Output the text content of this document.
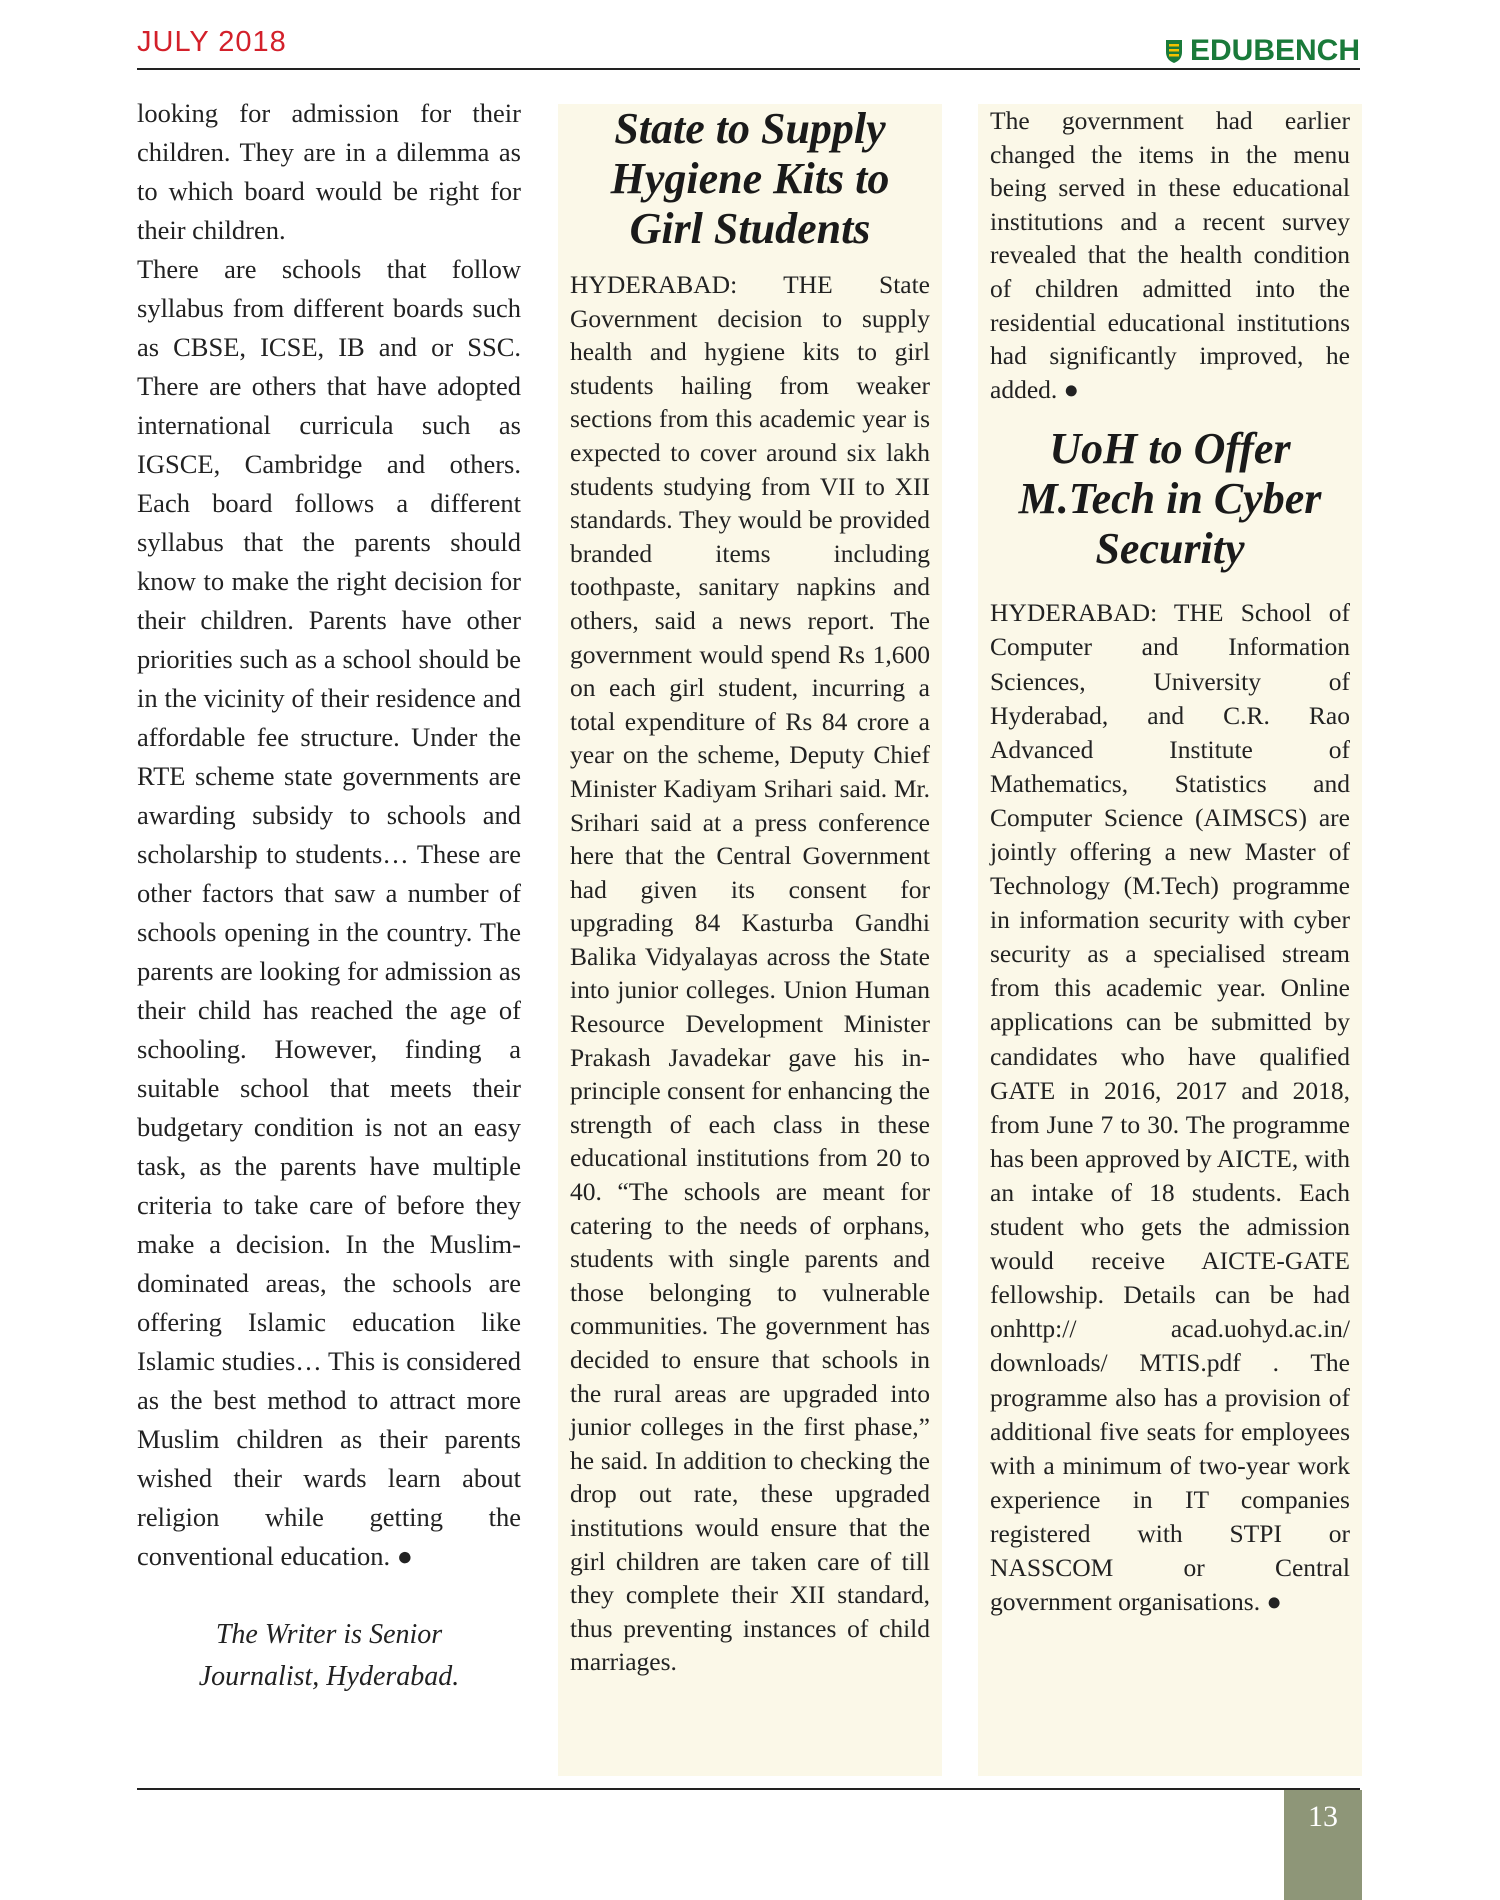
JULY 2018	EDUBENCH

looking for admission for their children. They are in a dilemma as to which board would be right for their children.

There are schools that follow syllabus from different boards such as CBSE, ICSE, IB and or SSC. There are others that have adopted international curricula such as IGSCE, Cambridge and others. Each board follows a different syllabus that the parents should know to make the right decision for their children. Parents have other priorities such as a school should be in the vicinity of their residence and affordable fee structure. Under the RTE scheme state governments are awarding subsidy to schools and scholarship to students… These are other factors that saw a number of schools opening in the country. The parents are looking for admission as their child has reached the age of schooling. However, finding a suitable school that meets their budgetary condition is not an easy task, as the parents have multiple criteria to take care of before they make a decision. In the Muslim-dominated areas, the schools are offering Islamic education like Islamic studies… This is considered as the best method to attract more Muslim children as their parents wished their wards learn about religion while getting the conventional education. ●

The Writer is Senior
Journalist, Hyderabad.
State to Supply Hygiene Kits to Girl Students

HYDERABAD: THE State Government decision to supply health and hygiene kits to girl students hailing from weaker sections from this academic year is expected to cover around six lakh students studying from VII to XII standards. They would be provided branded items including toothpaste, sanitary napkins and others, said a news report. The government would spend Rs 1,600 on each girl student, incurring a total expenditure of Rs 84 crore a year on the scheme, Deputy Chief Minister Kadiyam Srihari said. Mr. Srihari said at a press conference here that the Central Government had given its consent for upgrading 84 Kasturba Gandhi Balika Vidyalayas across the State into junior colleges. Union Human Resource Development Minister Prakash Javadekar gave his in-principle consent for enhancing the strength of each class in these educational institutions from 20 to 40. “The schools are meant for catering to the needs of orphans, students with single parents and those belonging to vulnerable communities. The government has decided to ensure that schools in the rural areas are upgraded into junior colleges in the first phase,” he said. In addition to checking the drop out rate, these upgraded institutions would ensure that the girl children are taken care of till they complete their XII standard, thus preventing instances of child marriages.

The government had earlier changed the items in the menu being served in these educational institutions and a recent survey revealed that the health condition of children admitted into the residential educational institutions had significantly improved, he added. ●

UoH to Offer M.Tech in Cyber Security

HYDERABAD: THE School of Computer and Information Sciences, University of Hyderabad, and C.R. Rao Advanced Institute of Mathematics, Statistics and Computer Science (AIMSCS) are jointly offering a new Master of Technology (M.Tech) programme in information security with cyber security as a specialised stream from this academic year. Online applications can be submitted by candidates who have qualified GATE in 2016, 2017 and 2018, from June 7 to 30. The programme has been approved by AICTE, with an intake of 18 students. Each student who gets the admission would receive AICTE-GATE fellowship. Details can be had onhttp:// acad.uohyd.ac.in/ downloads/ MTIS.pdf . The programme also has a provision of additional five seats for employees with a minimum of two-year work experience in IT companies registered with STPI or NASSCOM or Central government organisations. ●

13
